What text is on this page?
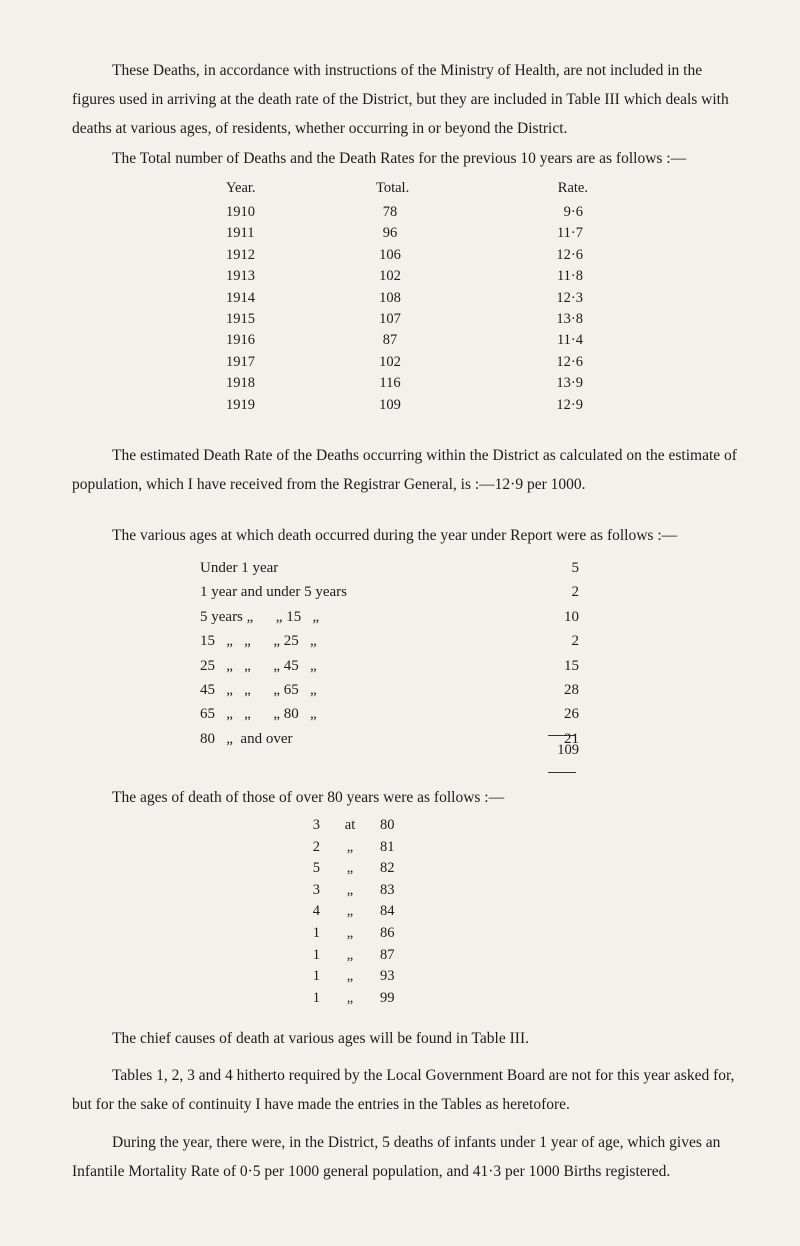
These Deaths, in accordance with instructions of the Ministry of Health, are not included in the figures used in arriving at the death rate of the District, but they are included in Table III which deals with deaths at various ages, of residents, whether occurring in or beyond the District.

The Total number of Deaths and the Death Rates for the previous 10 years are as follows :—

Year.	Total.	Rate.
1910	78	9·6
1911	96	11·7
1912	106	12·6
1913	102	11·8
1914	108	12·3
1915	107	13·8
1916	87	11·4
1917	102	12·6
1918	116	13·9
1919	109	12·9

The estimated Death Rate of the Deaths occurring within the District as calculated on the estimate of population, which I have received from the Registrar General, is :—12·9 per 1000.

The various ages at which death occurred during the year under Report were as follows :—

Under 1 year	5
1 year and under 5 years	2
5 years „      „ 15   „	10
15   „   „      „ 25   „	2
25   „   „      „ 45   „	15
45   „   „      „ 65   „	28
65   „   „      „ 80   „	26
80   „  and over	21
109

The ages of death of those of over 80 years were as follows :—

3	at	80
2	„	81
5	„	82
3	„	83
4	„	84
1	„	86
1	„	87
1	„	93
1	„	99

The chief causes of death at various ages will be found in Table III.

Tables 1, 2, 3 and 4 hitherto required by the Local Government Board are not for this year asked for, but for the sake of continuity I have made the entries in the Tables as heretofore.

During the year, there were, in the District, 5 deaths of infants under 1 year of age, which gives an Infantile Mortality Rate of 0·5 per 1000 general population, and 41·3 per 1000 Births registered.
